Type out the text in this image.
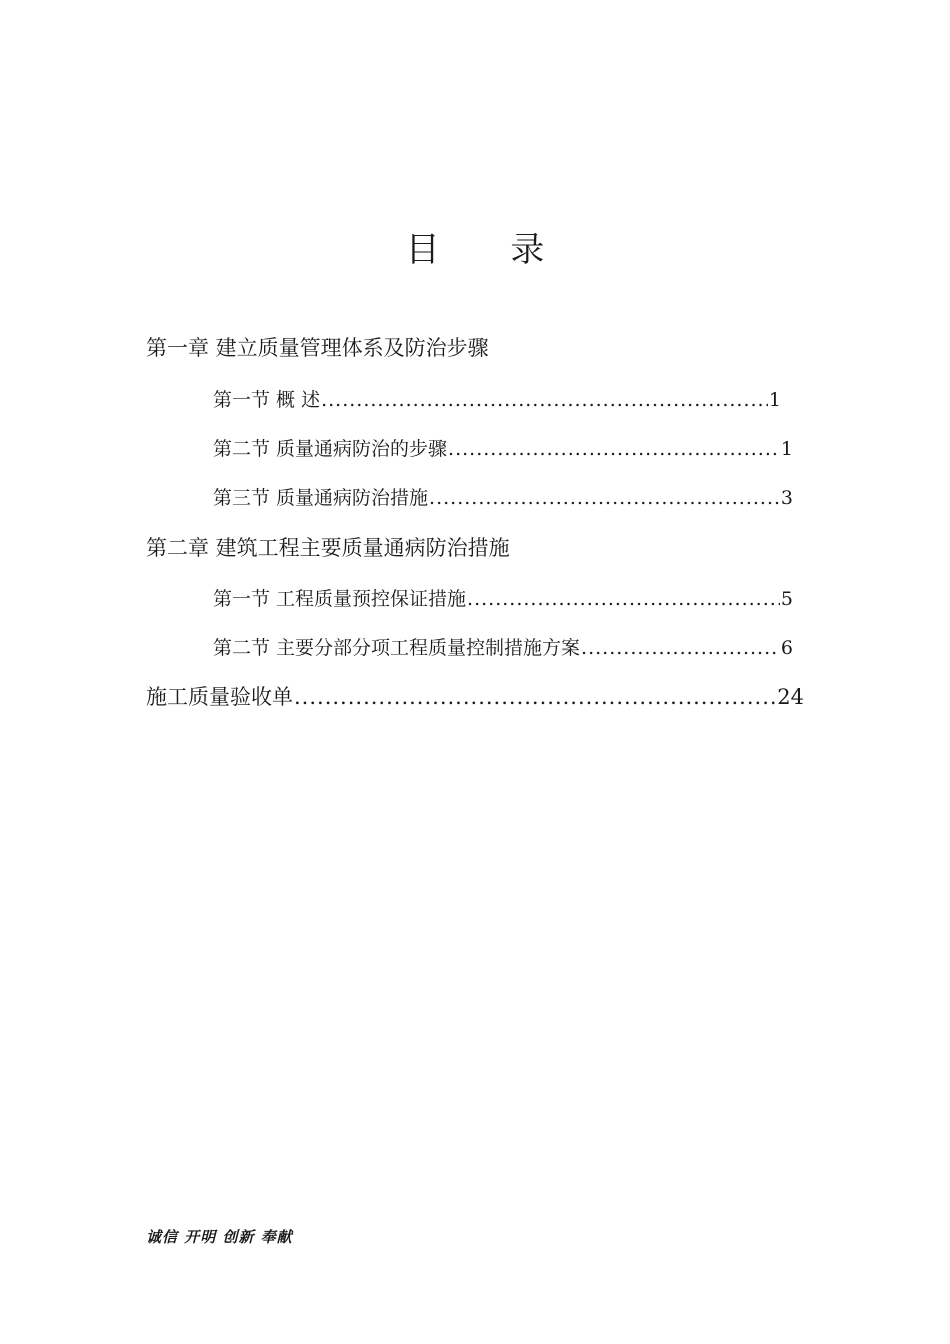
目 录
第一章 建立质量管理体系及防治步骤
第一节 概 述 .....	1
第二节 质量通病防治的步骤 .....	1
第三节 质量通病防治措施 .....	3
第二章 建筑工程主要质量通病防治措施
第一节 工程质量预控保证措施 .....	5
第二节 主要分部分项工程质量控制措施方案 .....	6
施工质量验收单 .....	24
诚信 开明 创新 奉献
